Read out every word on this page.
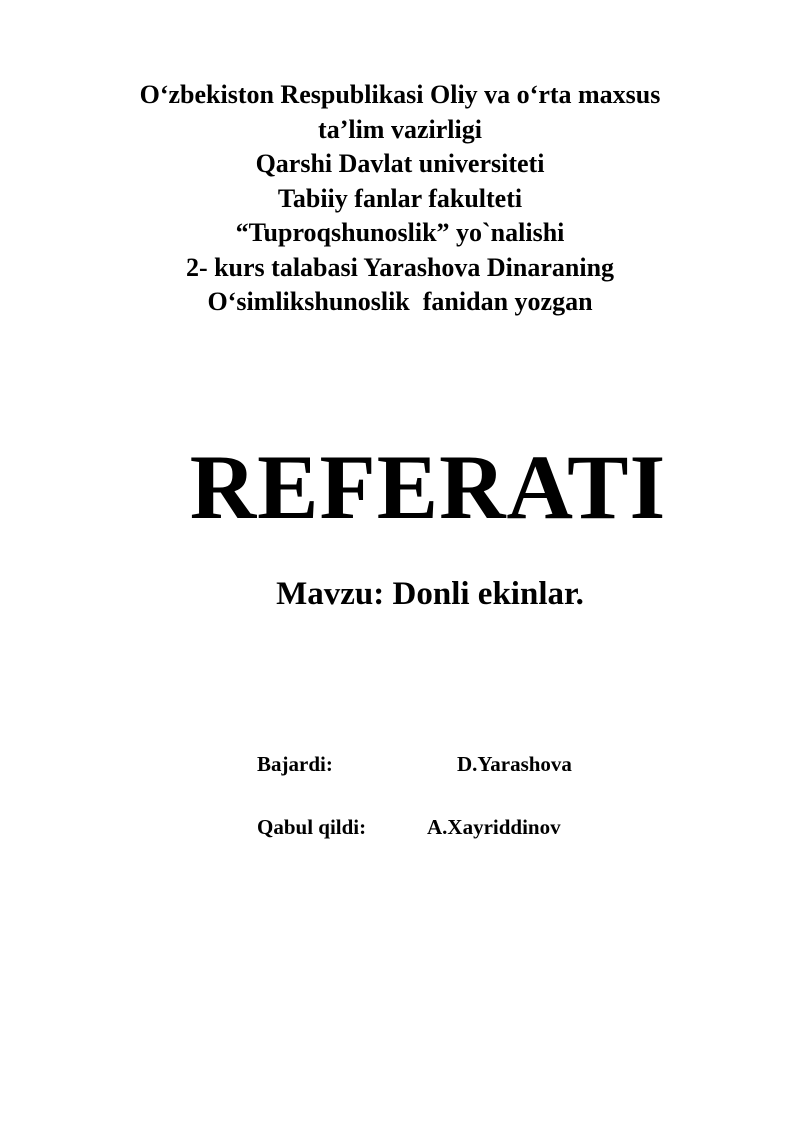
O‘zbekiston Respublikasi Oliy va o‘rta maxsus

ta’lim vazirligi

Qarshi Davlat universiteti

Tabiiy fanlar fakulteti

“Tuproqshunoslik” yo`nalishi

2- kurs talabasi Yarashova Dinaraning

O‘simlikshunoslik  fanidan yozgan

REFERATI
Mavzu: Donli ekinlar.

Bajardi:

	D.Yarashova

Qabul qildi:

	A.Xayriddinov
